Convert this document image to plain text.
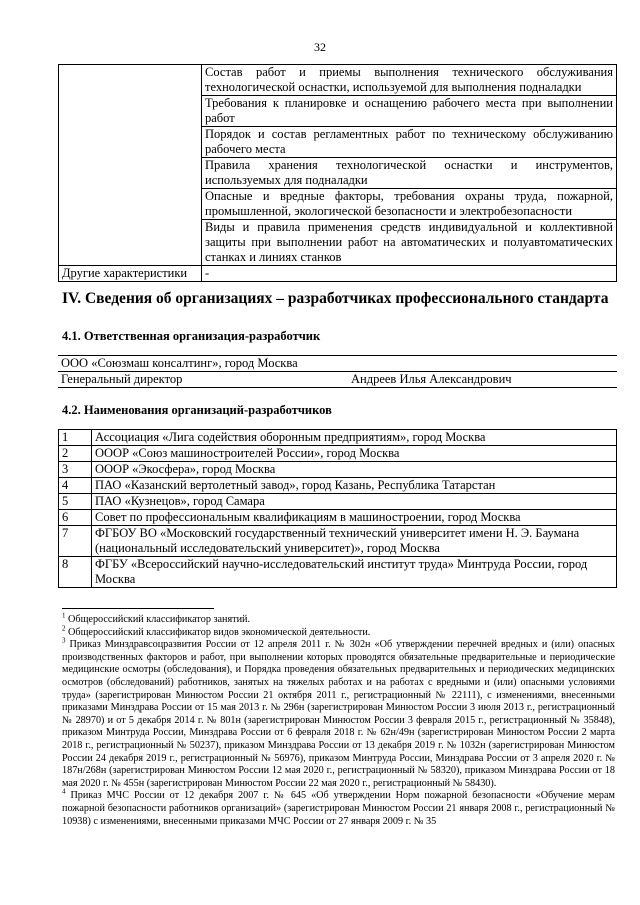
32
	Состав работ и приемы выполнения технического обслуживания технологической оснастки, используемой для выполнения подналадки
	Требования к планировке и оснащению рабочего места при выполнении работ
	Порядок и состав регламентных работ по техническому обслуживанию рабочего места
	Правила хранения технологической оснастки и инструментов, используемых для подналадки
	Опасные и вредные факторы, требования охраны труда, пожарной, промышленной, экологической безопасности и электробезопасности
	Виды и правила применения средств индивидуальной и коллективной защиты при выполнении работ на автоматических и полуавтоматических станках и линиях станков
Другие характеристики	-
IV. Сведения об организациях – разработчиках профессионального стандарта
4.1. Ответственная организация-разработчик
ООО «Союзмаш консалтинг», город Москва
Генеральный директор	Андреев Илья Александрович
4.2. Наименования организаций-разработчиков
1	Ассоциация «Лига содействия оборонным предприятиям», город Москва
2	ОООР «Союз машиностроителей России», город Москва
3	ОООР «Экосфера», город Москва
4	ПАО «Казанский вертолетный завод», город Казань, Республика Татарстан
5	ПАО «Кузнецов», город Самара
6	Совет по профессиональным квалификациям в машиностроении, город Москва
7	ФГБОУ ВО «Московский государственный технический университет имени Н. Э. Баумана (национальный исследовательский университет)», город Москва
8	ФГБУ «Всероссийский научно-исследовательский институт труда» Минтруда России, город Москва

$^1$ Общероссийский классификатор занятий.

$^2$ Общероссийский классификатор видов экономической деятельности.

$^3$ Приказ Минздравсоцразвития России от 12 апреля 2011 г. № 302н «Об утверждении перечней вредных и (или) опасных производственных факторов и работ, при выполнении которых проводятся обязательные предварительные и периодические медицинские осмотры (обследования), и Порядка проведения обязательных предварительных и периодических медицинских осмотров (обследований) работников, занятых на тяжелых работах и на работах с вредными и (или) опасными условиями труда» (зарегистрирован Минюстом России 21 октября 2011 г., регистрационный № 22111), с изменениями, внесенными приказами Минздрава России от 15 мая 2013 г. № 296н (зарегистрирован Минюстом России 3 июля 2013 г., регистрационный № 28970) и от 5 декабря 2014 г. № 801н (зарегистрирован Минюстом России 3 февраля 2015 г., регистрационный № 35848), приказом Минтруда России, Минздрава России от 6 февраля 2018 г. № 62н/49н (зарегистрирован Минюстом России 2 марта 2018 г., регистрационный № 50237), приказом Минздрава России от 13 декабря 2019 г. № 1032н (зарегистрирован Минюстом России 24 декабря 2019 г., регистрационный № 56976), приказом Минтруда России, Минздрава России от 3 апреля 2020 г. № 187н/268н (зарегистрирован Минюстом России 12 мая 2020 г., регистрационный № 58320), приказом Минздрава России от 18 мая 2020 г. № 455н (зарегистрирован Минюстом России 22 мая 2020 г., регистрационный № 58430).

$^4$ Приказ МЧС России от 12 декабря 2007 г. № 645 «Об утверждении Норм пожарной безопасности «Обучение мерам пожарной безопасности работников организаций» (зарегистрирован Минюстом России 21 января 2008 г., регистрационный № 10938) с изменениями, внесенными приказами МЧС России от 27 января 2009 г. № 35
